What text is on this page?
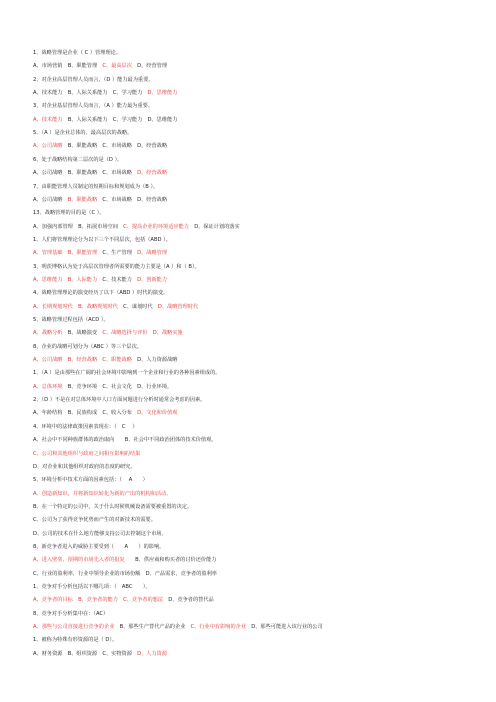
1、战略管理是企业（ C ）管理理论。
A、市场营销　B、职能管理　C、最高层次　D、经营管理
2、对企业高层管理人员而言，（D ）能力最为重要。
A、技术能力　B、人际关系能力　C、学习能力　D、思维能力
3、对企业基层管理人员而言，（A ）能力最为重要。
A、技术能力　B、人际关系能力　C、学习能力　D、思维能力
5、（A ）是企业总体的、最高层次的战略。
A、公司战略　B、职能战略　C、市场战略　D、经营战略
6、处于战略结构第二层次的是（D ）。
A、公司战略　B、职能战略　C、市场战略　D、经营战略
7、由职能管理人员制定的短期目标和规划成为（B ）。
A、公司战略　B、职能战略　C、市场战略　D、经营战略
13、战略管理的目的是（C ）。
A、加强内部管理　B、拓展市场空间　C、提高企业的环境适应能力　D、保证计划的落实
1、人们将管理理论分为以下三个不同层次，包括（ABD ）。
A、管理基础　B、职能管理　C、生产管理　D、战略管理
3、明茨博格认为处于高层次管理者所需要的能力主要是（A ）和（ B）。
A、思维能力　B、人际能力　C、技术能力　D、创新能力
4、战略管理理论的演变经历了以下（ABD ）时代的演变。
A、长期规划时代　B、战略规划时代　C、谋划时代　D、战略管理时代
5、战略管理过程包括（ACD ）。
A、战略分析　B、战略演变　C、战略选择与评价　D、战略实施
8、企业的战略可划分为（ABC ）等三个层次。
A、公司战略　B、经营战略　C、职能战略　D、人力资源战略
1、（A ）是由那些在广阔的社会环境中影响到一个企业和行业的各种因素组成的。
A、总体环境　B、竞争环境　C、社会文化　D、行业环境。
2、（D ）不是在对总体环境中人口方面问题进行分析时通常会考虑的因素。
A、年龄结构　B、民族构成　C、收入分布　D、文化和价值观
4、环境中的法律政策因素表现在：（　C　 ）
A、社会中不同种族群体的政治取向　　B、社会中不同政治团体的技术价值观。
C、公司和其他组织与政府之间相互影响的结果
D、对企业和其他组织对政府的态度的研究。
5、环境分析中技术方面的因素包括：（　 A　　）
A、创造新知识，并将新知识转化为新的产出的机构和活动。
B、在一个特定的公司中，关于什么时候机械设备需要被重置的决定。
C、公司为了获得竞争优势而产生的对新技术的需要。
D、公司的技术在什么地方能够支持公司去控制这个市场。
8、新竞争者进入的威胁主要受到（　　A　　）的影响。
A、进入壁垒，预期的市场先入者的报复　　B、供应商和购买者的讨价还价能力
C、行业的盈利率，行业中领导企业的市场份额　D、产品需求，竞争者的盈利率
1、竞争对手分析包括以下哪几项：（　ABC　　）。
A、竞争者的目标　B、竞争者的能力　C、竞争者的想法　D、竞争者的替代品
8、竞争对手分析集中在：（AC）
A、那些与公司直接进行竞争的企业　B、那些生产替代产品的企业　C、行业中有影响的企业　D、那些可能进入该行业的公司
1、被称为特殊有形资源的是（ D）。
A、财务资源　B、组织资源　C、实物资源　D、人力资源
